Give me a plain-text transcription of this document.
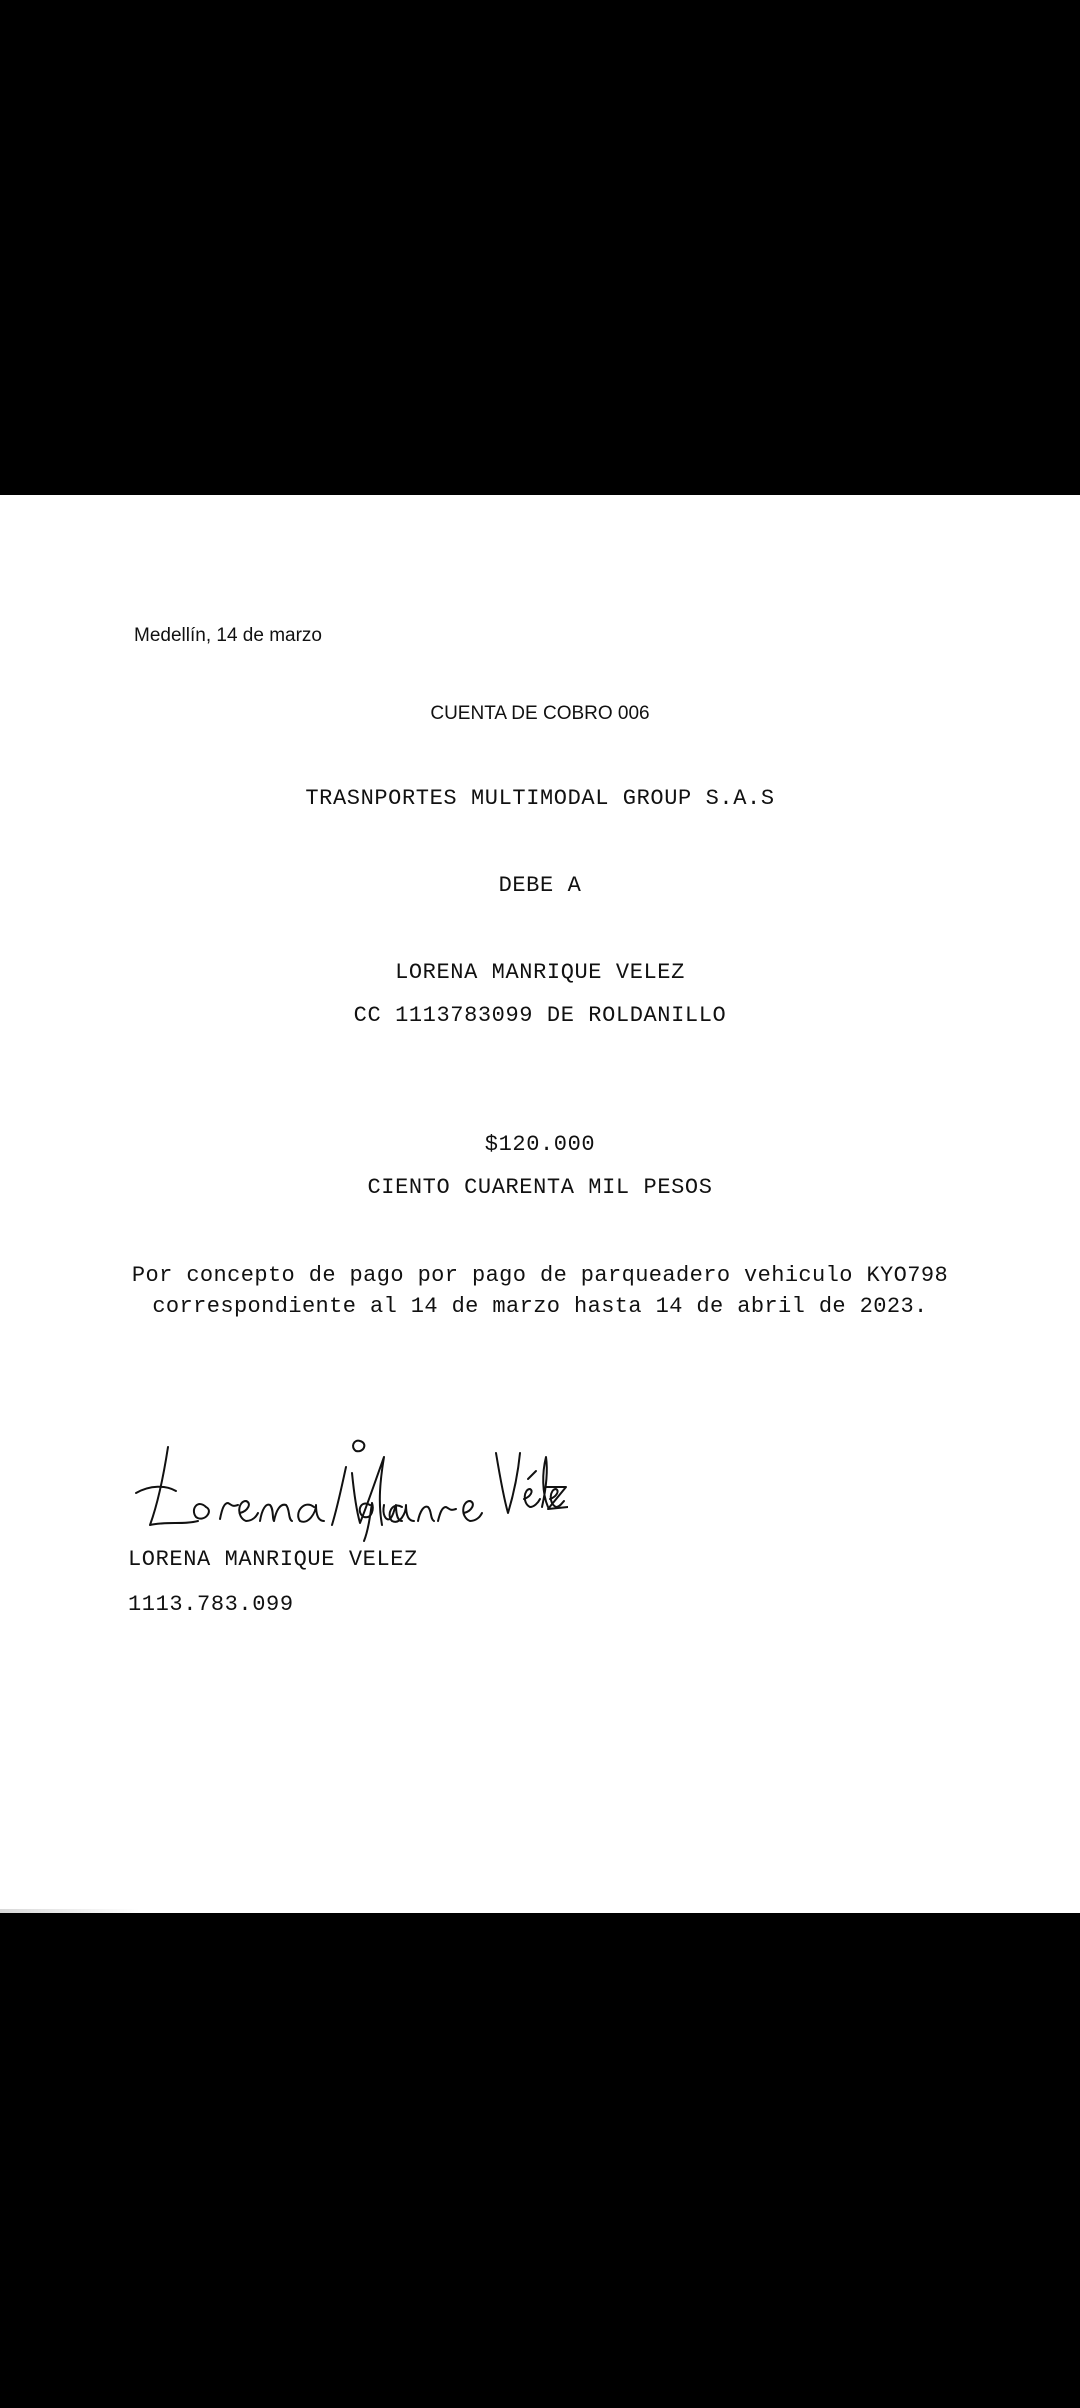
Medellín, 14 de marzo

CUENTA DE COBRO 006

TRASNPORTES MULTIMODAL GROUP S.A.S

DEBE A

LORENA MANRIQUE VELEZ

CC 1113783099 DE ROLDANILLO

$120.000

CIENTO CUARENTA MIL PESOS

Por concepto de pago por pago de parqueadero vehiculo KYO798 correspondiente al 14 de marzo hasta 14 de abril de 2023.

LORENA MANRIQUE VELEZ

1113.783.099
